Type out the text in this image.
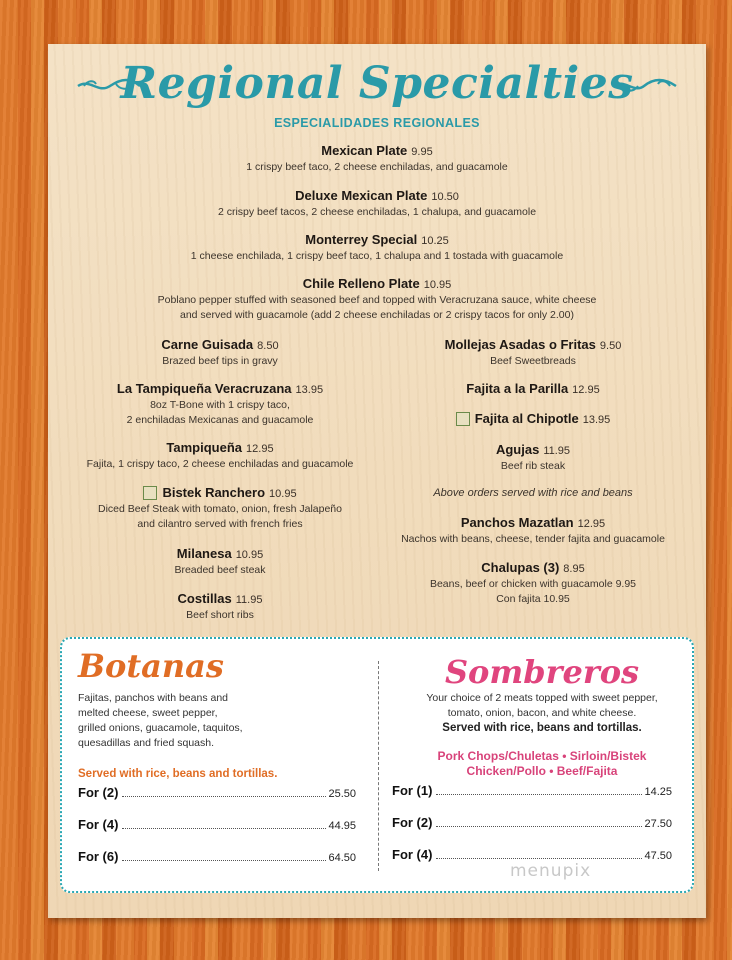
Regional Specialties
ESPECIALIDADES REGIONALES
Mexican Plate 9.95
1 crispy beef taco, 2 cheese enchiladas, and guacamole
Deluxe Mexican Plate 10.50
2 crispy beef tacos, 2 cheese enchiladas, 1 chalupa, and guacamole
Monterrey Special 10.25
1 cheese enchilada, 1 crispy beef taco, 1 chalupa and 1 tostada with guacamole
Chile Relleno Plate 10.95
Poblano pepper stuffed with seasoned beef and topped with Veracruzana sauce, white cheese
and served with guacamole (add 2 cheese enchiladas or 2 crispy tacos for only 2.00)
Carne Guisada 8.50
Brazed beef tips in gravy
La Tampiqueña Veracruzana 13.95
8oz T-Bone with 1 crispy taco,
2 enchiladas Mexicanas and guacamole
Tampiqueña 12.95
Fajita, 1 crispy taco, 2 cheese enchiladas and guacamole
Bistek Ranchero 10.95
Diced Beef Steak with tomato, onion, fresh Jalapeño
and cilantro served with french fries
Milanesa 10.95
Breaded beef steak
Costillas 11.95
Beef short ribs
Mollejas Asadas o Fritas 9.50
Beef Sweetbreads
Fajita a la Parilla 12.95
Fajita al Chipotle 13.95
Agujas 11.95
Beef rib steak
Above orders served with rice and beans
Panchos Mazatlan 12.95
Nachos with beans, cheese, tender fajita and guacamole
Chalupas (3) 8.95
Beans, beef or chicken with guacamole 9.95
Con fajita 10.95
Botanas
Fajitas, panchos with beans and
melted cheese, sweet pepper,
grilled onions, guacamole, taquitos,
quesadillas and fried squash.
Served with rice, beans and tortillas.
For (2)	25.50
For (4)	44.95
For (6)	64.50
Sombreros
Your choice of 2 meats topped with sweet pepper,
tomato, onion, bacon, and white cheese.
Served with rice, beans and tortillas.
Pork Chops/Chuletas • Sirloin/Bistek
Chicken/Pollo • Beef/Fajita
For (1)	14.25
For (2)	27.50
For (4)	47.50
menupix
